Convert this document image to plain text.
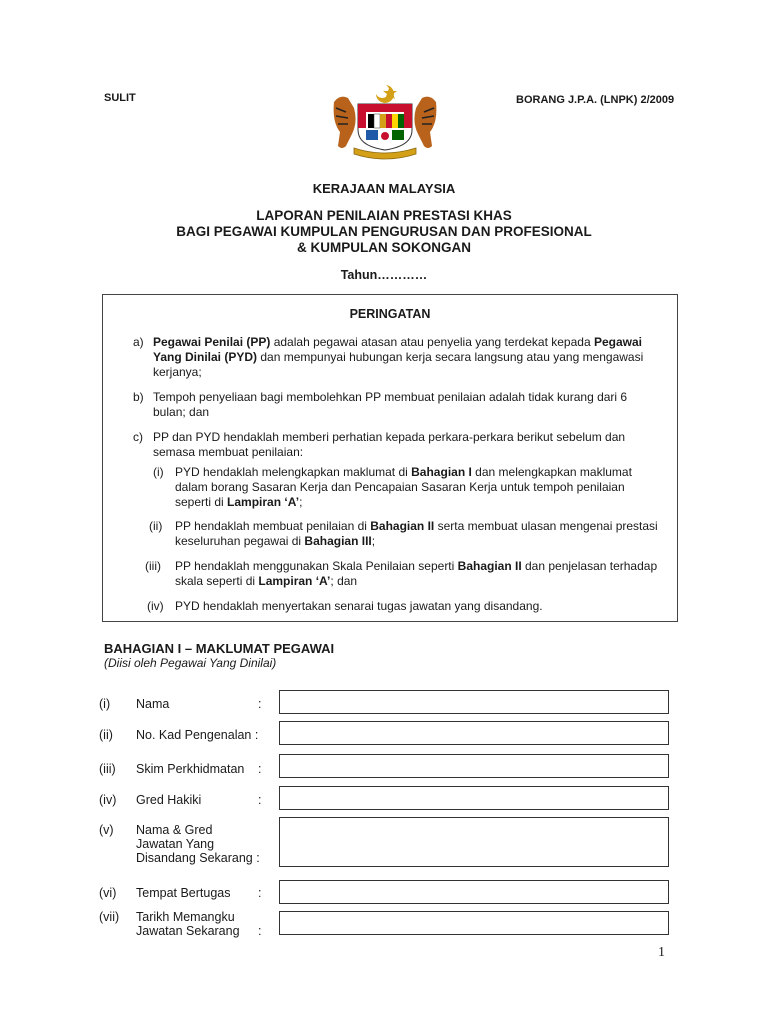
SULIT	BORANG J.P.A. (LNPK) 2/2009
KERAJAAN MALAYSIA
LAPORAN PENILAIAN PRESTASI KHAS
BAGI PEGAWAI KUMPULAN PENGURUSAN DAN PROFESIONAL
& KUMPULAN SOKONGAN
Tahun…………
PERINGATAN
a) Pegawai Penilai (PP) adalah pegawai atasan atau penyelia yang terdekat kepada Pegawai Yang Dinilai (PYD) dan mempunyai hubungan kerja secara langsung atau yang mengawasi kerjanya;
b) Tempoh penyeliaan bagi membolehkan PP membuat penilaian adalah tidak kurang dari 6 bulan; dan
c) PP dan PYD hendaklah memberi perhatian kepada perkara-perkara berikut sebelum dan semasa membuat penilaian:
(i) PYD hendaklah melengkapkan maklumat di Bahagian I dan melengkapkan maklumat dalam borang Sasaran Kerja dan Pencapaian Sasaran Kerja untuk tempoh penilaian seperti di Lampiran ‘A’;
(ii) PP hendaklah membuat penilaian di Bahagian II serta membuat ulasan mengenai prestasi keseluruhan pegawai di Bahagian III;
(iii) PP hendaklah menggunakan Skala Penilaian seperti Bahagian II dan penjelasan terhadap skala seperti di Lampiran ‘A’; dan
(iv) PYD hendaklah menyertakan senarai tugas jawatan yang disandang.
BAHAGIAN I – MAKLUMAT PEGAWAI
(Diisi oleh Pegawai Yang Dinilai)
(i) Nama	:
(ii) No. Kad Pengenalan :
(iii) Skim Perkhidmatan :
(iv) Gred Hakiki	:
(v) Nama & Gred
Jawatan Yang
Disandang Sekarang :
(vi) Tempat Bertugas :
(vii) Tarikh Memangku
Jawatan Sekarang :
1
